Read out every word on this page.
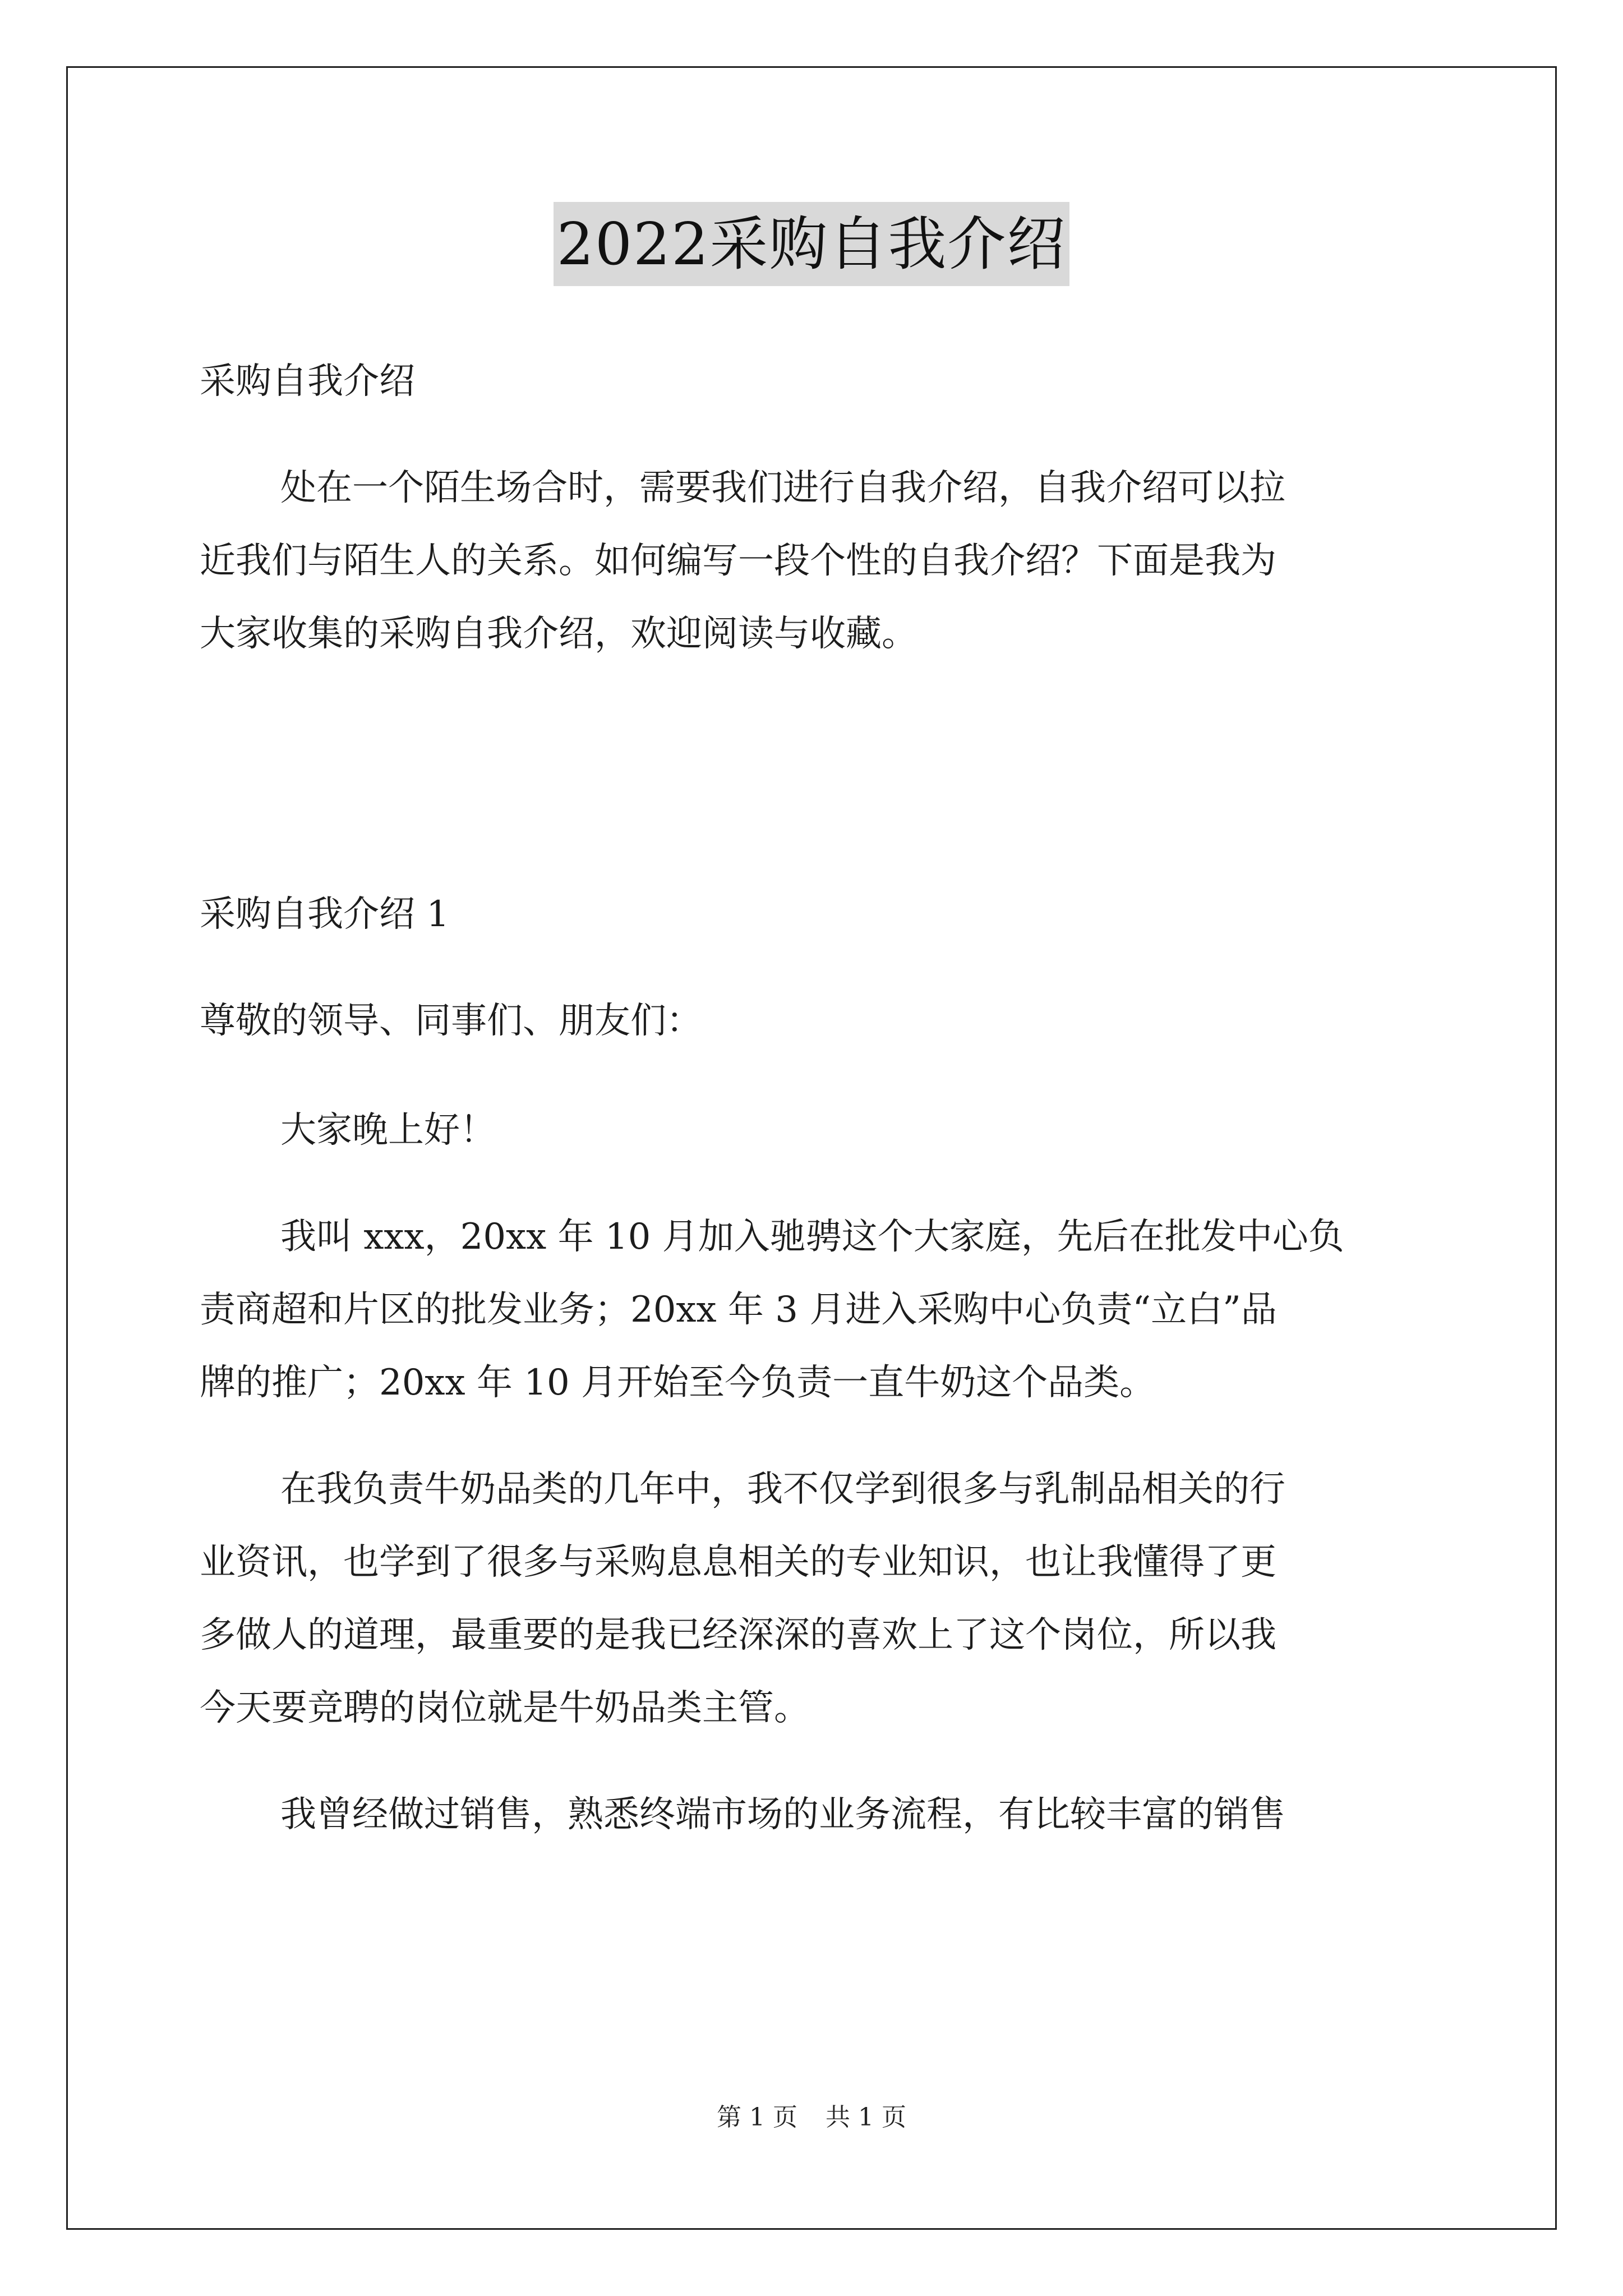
2022采购自我介绍
采购自我介绍
处在一个陌生场合时，需要我们进行自我介绍，自我介绍可以拉
近我们与陌生人的关系。如何编写一段个性的自我介绍？下面是我为
大家收集的采购自我介绍，欢迎阅读与收藏。
采购自我介绍 1
尊敬的领导、同事们、朋友们：
大家晚上好！
我叫 xxx，20xx 年 10 月加入驰骋这个大家庭，先后在批发中心负
责商超和片区的批发业务；20xx 年 3 月进入采购中心负责“立白”品
牌的推广；20xx 年 10 月开始至今负责一直牛奶这个品类。
在我负责牛奶品类的几年中，我不仅学到很多与乳制品相关的行
业资讯，也学到了很多与采购息息相关的专业知识，也让我懂得了更
多做人的道理，最重要的是我已经深深的喜欢上了这个岗位，所以我
今天要竞聘的岗位就是牛奶品类主管。
我曾经做过销售，熟悉终端市场的业务流程，有比较丰富的销售
第 1 页 共 1 页
